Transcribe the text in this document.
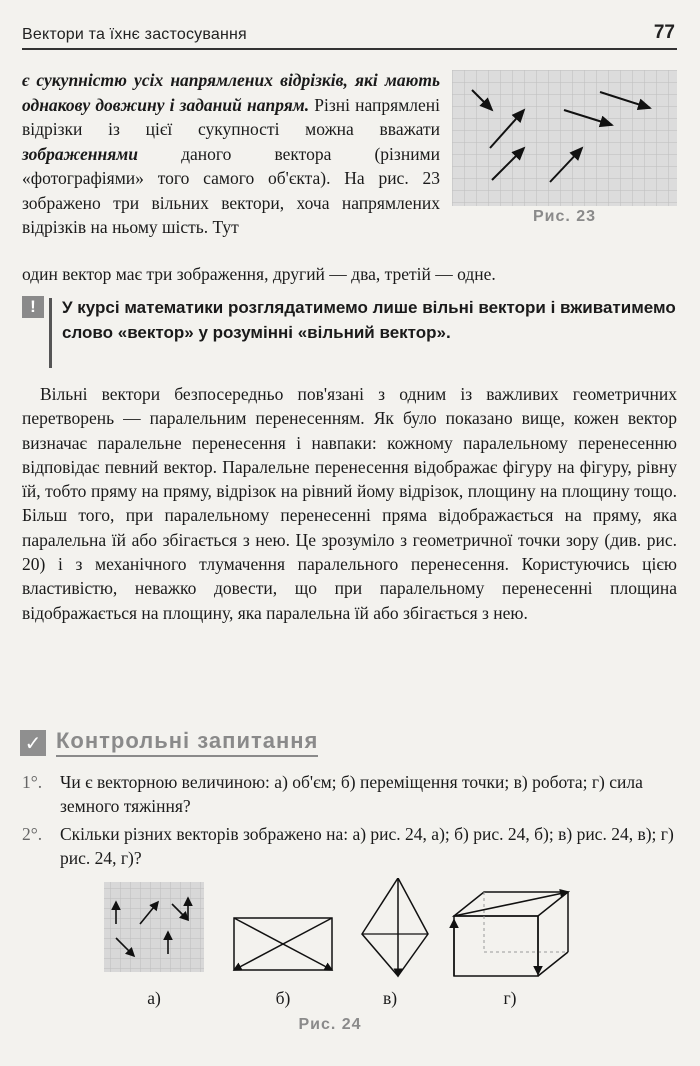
Вектори та їхнє застосування	77
є сукупністю усіх напрямлених відрізків, які мають однакову довжину і заданий напрям. Різні напрямлені відрізки із цієї сукупності можна вважати зображеннями даного вектора (різними «фотографіями» того самого об'єкта). На рис. 23 зображено три вільних вектори, хоча напрямлених відрізків на ньому шість. Тут
один вектор має три зображення, другий — два, третій — одне.
Рис. 23
!	У курсі математики розглядатимемо лише вільні вектори і вживатимемо слово «вектор» у розумінні «вільний вектор».
Вільні вектори безпосередньо пов'язані з одним із важливих геометричних перетворень — паралельним перенесенням. Як було показано вище, кожен вектор визначає паралельне перенесення і навпаки: кожному паралельному перенесенню відповідає певний вектор. Паралельне перенесення відображає фігуру на фігуру, рівну їй, тобто пряму на пряму, відрізок на рівний йому відрізок, площину на площину тощо. Більш того, при паралельному перенесенні пряма відображається на пряму, яка паралельна їй або збігається з нею. Це зрозуміло з геометричної точки зору (див. рис. 20) і з механічного тлумачення паралельного перенесення. Користуючись цією властивістю, неважко довести, що при паралельному перенесенні площина відображається на площину, яка паралельна їй або збігається з нею.
✓ Контрольні запитання
1°. Чи є векторною величиною: а) об'єм; б) переміщення точки; в) робота; г) сила земного тяжіння?
2°. Скільки різних векторів зображено на: а) рис. 24, а); б) рис. 24, б); в) рис. 24, в); г) рис. 24, г)?
а)	б)	в)	г)
Рис. 24
